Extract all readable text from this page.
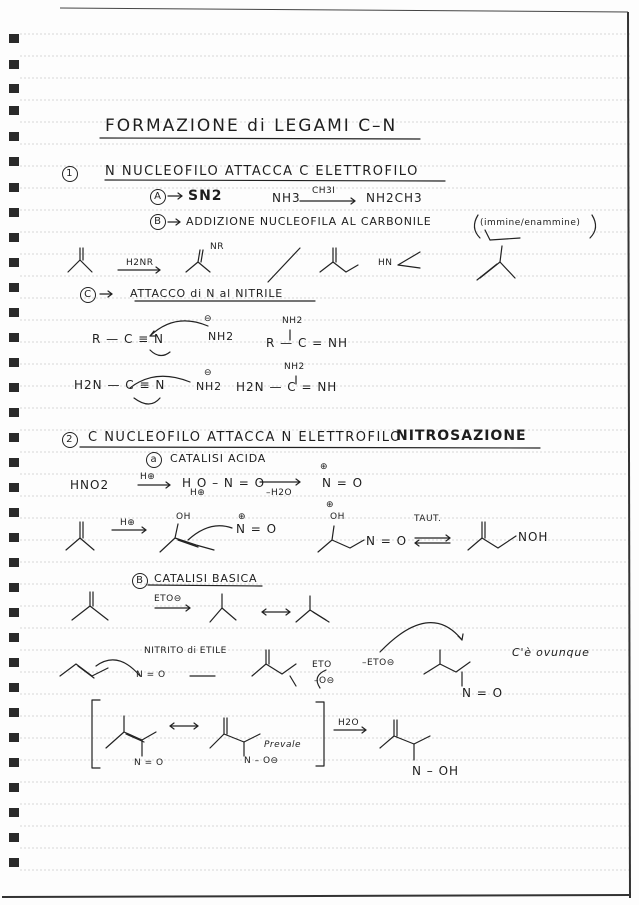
FORMAZIONE di LEGAMI C–N
1	N NUCLEOFILO ATTACCA C ELETTROFILO
A SN2	NH3 CH3I	NH2CH3
B	ADDIZIONE NUCLEOFILA AL CARBONILE	(immine/enammine)
H2NR
NR
HN
C	ATTACCO di N al NITRILE
R — C ≡ N
⊖
NH2
NH2
R — C = NH
H2N — C ≡ N
⊖
NH2
NH2
H2N — C = NH
2	C NUCLEOFILO ATTACCA N ELETTROFILO
NITROSAZIONE
a	CATALISI ACIDA
HNO2
H⊕ H O – N = O
H⊕	–H2O
⊕
N = O
H⊕
OH	⊕
N = O
⊕
OH
N = O
TAUT.
NOH
B CATALISI BASICA
ETO⊖
NITRITO di ETILE
N = O
ETO
–O⊖
–ETO⊖
C'è ovunque
N = O
N = O	N – O⊖
Prevale
H2O
N – OH
